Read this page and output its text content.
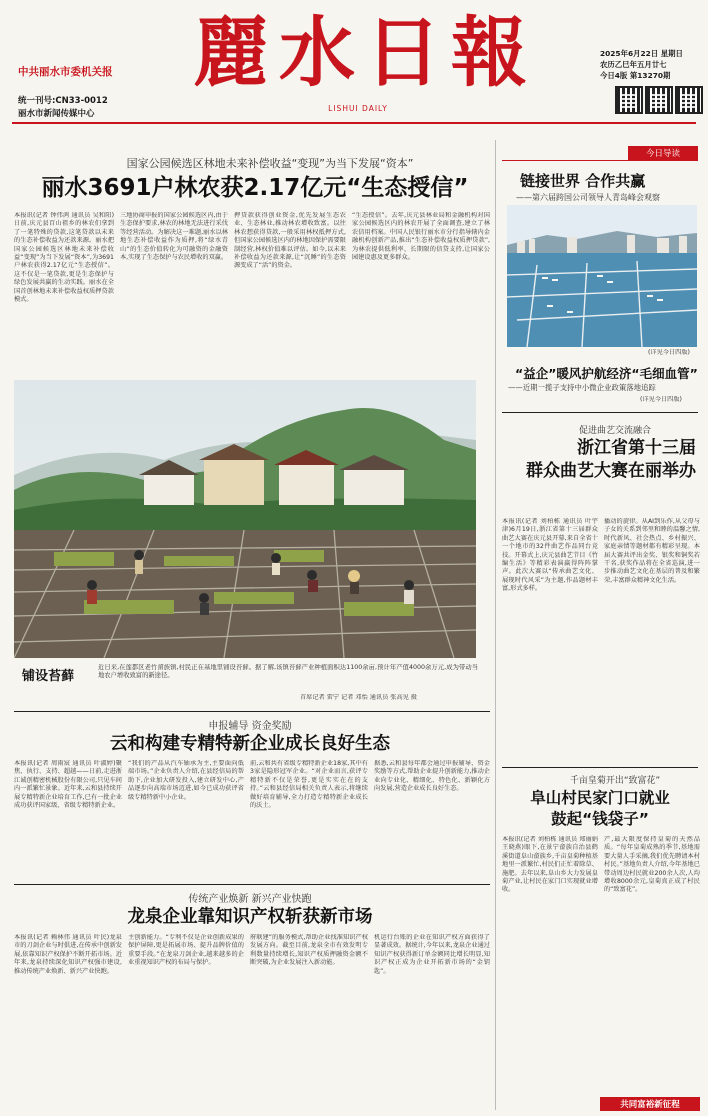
中共丽水市委机关报 麗水日報
LISHUI DAILY
统一刊号:CN33-0012
丽水市新闻传媒中心
2025年6月22日 星期日
农历乙巳年五月廿七
今日4版 第13270期
国家公园候选区林地未来补偿收益“变现”为当下发展“资本”
丽水3691户林农获2.17亿元“生态授信”
本报讯(记者 钟伟鸿 通讯员 吴和阳)日前,庆元县百山祖乡的林农们拿到了一笔特殊的贷款,这笔贷款以未来的生态补偿收益为还款来源。丽水把国家公园候选区林地未来补偿收益“变现”为当下发展“资本”,为3691户林农获得2.17亿元“生态授信”。这不仅是一笔贷款,更是生态保护与绿色发展共赢的生动实践。丽水在全国首创林地未来补偿收益权质押贷款模式。
三地协商申报的国家公园候选区内,由于生态保护要求,林农的林地无法进行采伐等经营活动。为解决这一难题,丽水以林地生态补偿收益作为质押,将“绿水青山”的生态价值转化为可融资的金融资本,实现了生态保护与农民增收的双赢。
押贷款获得创业资金,优先发展生态农业、生态林业,推动林农增收致富。以往林农想获得贷款,一般采用林权抵押方式,但国家公园候选区内的林地因保护需要限制经营,林权价值难以评估。如今,以未来补偿收益为还款来源,让“沉睡”的生态资源变成了“活”的资金。
“生态授信”。去年,庆元县林业局和金融机构对国家公园候选区内的林农开展了全面调查,建立了林农信用档案。中国人民银行丽水市分行指导辖内金融机构创新产品,推出“生态补偿收益权质押贷款”,为林农提供低利率、长期限的信贷支持,让国家公园建设惠及更多群众。
铺设苔藓
近日来,在莲都区老竹畲族镇,村民正在基地里铺设苔藓。据了解,该镇苔藓产业种植面积达1100余亩,预计年产值4000余万元,成为带动当地农户增收致富的新途径。
首席记者 雷宁 记者 邓怡 通讯员 张高见 摄
申报辅导 资金奖励
云和构建专精特新企业成长良好生态
本报讯(记者 周雨宸 通讯员 叶淑婷)聚焦、执行、支持、超越——日前,走进浙江诚创精密机械股份有限公司,只见车间内一派繁忙景象。近年来,云和县持续开展专精特新企业培育工作,已有一批企业成功获评国家级、省级专精特新企业。
“我们的产品从汽车轴承为主,主要面向低端市场。”企业负责人介绍,在县经信局的帮助下,企业加大研发投入,建立研发中心,产品逐步向高端市场迈进,如今已成功获评省级专精特新中小企业。
前,云和共有省级专精特新企业18家,其中有3家是隐形冠军企业。“对企业而言,获评专精特新不仅是荣誉,更是实实在在的支持。”云和县经信局相关负责人表示,将继续做好培育辅导,全力打造专精特新企业成长的沃土。
据悉,云和县每年都会通过申报辅导、资金奖励等方式,帮助企业提升创新能力,推动企业向专业化、精细化、特色化、新颖化方向发展,营造企业成长良好生态。
传统产业焕新 新兴产业快跑
龙泉企业靠知识产权斩获新市场
本报讯(记者 赖林伟 通讯员 叶民)龙泉市的刀剑企业与时俱进,在传承中创新发展,依靠知识产权保护不断开拓市场。近年来,龙泉持续深化知识产权强市建设,推动传统产业焕新、新兴产业快跑。
主创新能力。“专利不仅是企业创新成果的保护屏障,更是拓展市场、提升品牌价值的重要手段。”在龙泉刀剑企业,越来越多的企业重视知识产权的布局与保护。
府联建”的服务模式,帮助企业找准知识产权发展方向。截至目前,龙泉全市有效发明专利数量持续增长,知识产权质押融资金额不断突破,为企业发展注入新动能。
机运行台账的企业在知识产权方面获得了显著成效。据统计,今年以来,龙泉企业通过知识产权获得新订单金额同比增长明显,知识产权正成为企业开拓新市场的“金钥匙”。
今日导读
链接世界 合作共赢
——第六届跨国公司领导人青岛峰会观察
(详见今日四版)
“益企”暖风护航经济“毛细血管”
——近期一揽子支持中小微企业政策落地追踪
(详见今日四版)
促进曲艺交流融合
浙江省第十三届
群众曲艺大赛在丽举办
本报讯(记者 刘柏栋 通讯员 叶宇津)6月19日,浙江省第十三届群众曲艺大赛在庆元县开幕,来自全省十一个地市的32件曲艺作品同台竞技。开幕式上,庆元县曲艺节目《竹编生活》等精彩表演赢得阵阵掌声。此次大赛以“传承曲艺文化、展现时代风采”为主题,作品题材丰富,形式多样。
播动的旋律。从AI到乐作,从父母与子女的关系到邻里和睦的温馨之情,时代新风、社会热点、乡村振兴、家庭亲情等题材都有精彩呈现。本届大赛共评出金奖、银奖和铜奖若干名,获奖作品将在全省巡演,进一步推动曲艺文化在基层的普及和繁荣,丰富群众精神文化生活。
千亩皇菊开出“致富花”
阜山村民家门口就业
鼓起“钱袋子”
本报讯(记者 刘柏栋 通讯员 郑丽娟 王晓燕)眼下,在景宁畲族自治县鹤溪街道阜山畲族乡,千亩皇菊种植基地里一派繁忙,村民们正忙着除草、施肥。去年以来,阜山乡大力发展皇菊产业,让村民在家门口实现就业增收。
产,最大限度保持皇菊的天然品质。“每年皇菊成熟的季节,基地需要大量人手采摘,我们优先聘请本村村民。”基地负责人介绍,今年基地已带动周边村民就业200余人次,人均增收8000余元,皇菊真正成了村民的“致富花”。
共同富裕新征程
